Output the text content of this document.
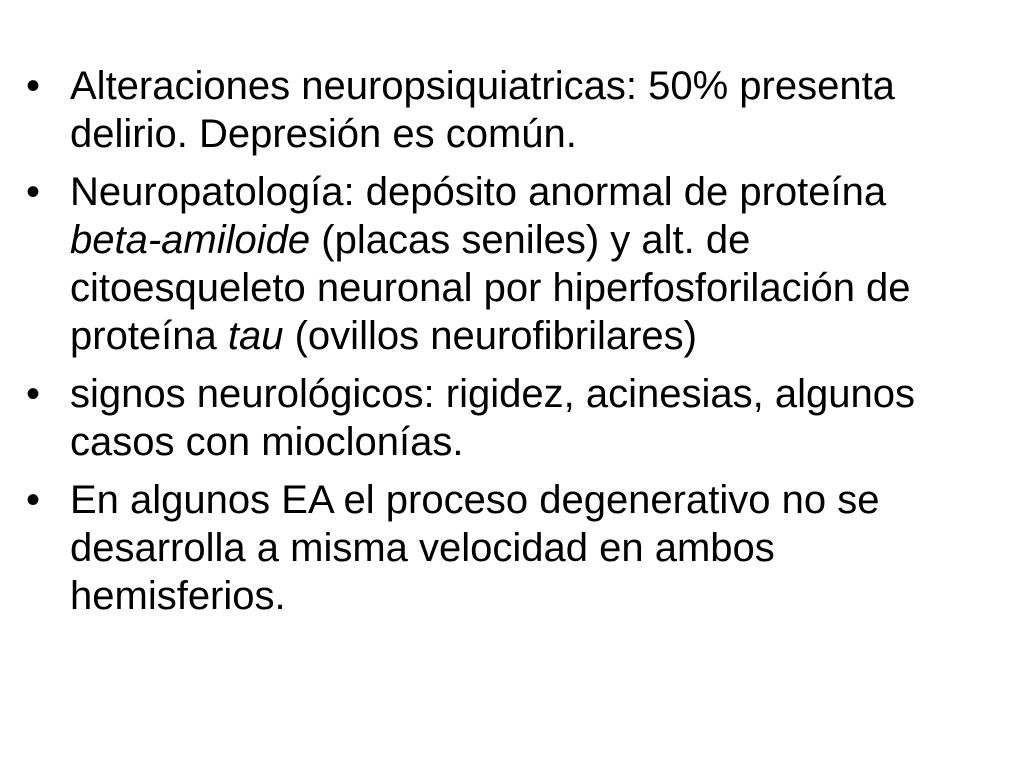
• Alteraciones neuropsiquiatricas: 50% presenta delirio. Depresión es común.
• Neuropatología: depósito anormal de proteína beta-amiloide (placas seniles) y alt. de citoesqueleto neuronal por hiperfosforilación de proteína tau (ovillos neurofibrilares)
• signos neurológicos: rigidez, acinesias, algunos casos con mioclonías.
• En algunos EA el proceso degenerativo no se desarrolla a misma velocidad en ambos hemisferios.
